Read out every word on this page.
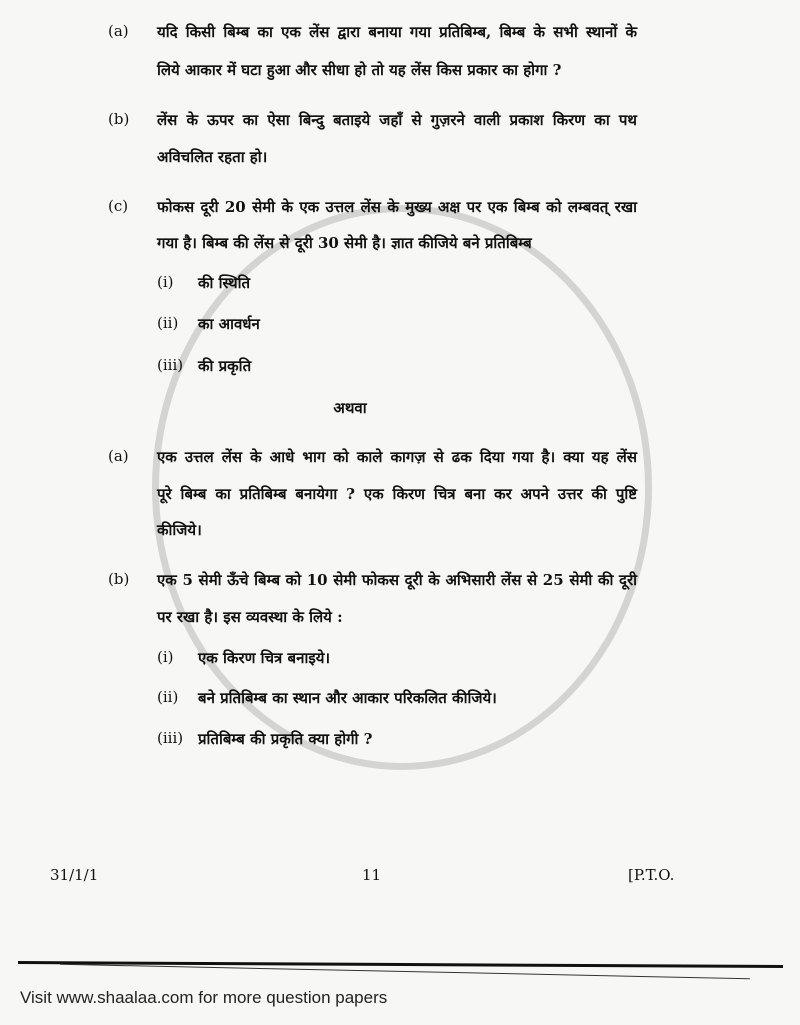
(a) यदि किसी बिम्ब का एक लेंस द्वारा बनाया गया प्रतिबिम्ब, बिम्ब के सभी स्थानों के
लिये आकार में घटा हुआ और सीधा हो तो यह लेंस किस प्रकार का होगा ?
(b) लेंस के ऊपर का ऐसा बिन्दु बताइये जहाँ से गुज़रने वाली प्रकाश किरण का पथ
अविचलित रहता हो।
(c) फोकस दूरी 20 सेमी के एक उत्तल लेंस के मुख्य अक्ष पर एक बिम्ब को लम्बवत् रखा
गया है। बिम्ब की लेंस से दूरी 30 सेमी है। ज्ञात कीजिये बने प्रतिबिम्ब
(i) की स्थिति
(ii) का आवर्धन
(iii) की प्रकृति
अथवा
(a) एक उत्तल लेंस के आधे भाग को काले कागज़ से ढक दिया गया है। क्या यह लेंस
पूरे बिम्ब का प्रतिबिम्ब बनायेगा ? एक किरण चित्र बना कर अपने उत्तर की पुष्टि
कीजिये।
(b) एक 5 सेमी ऊँचे बिम्ब को 10 सेमी फोकस दूरी के अभिसारी लेंस से 25 सेमी की दूरी
पर रखा है। इस व्यवस्था के लिये :
(i) एक किरण चित्र बनाइये।
(ii) बने प्रतिबिम्ब का स्थान और आकार परिकलित कीजिये।
(iii) प्रतिबिम्ब की प्रकृति क्या होगी ?
31/1/1	11	[P.T.O.
Visit www.shaalaa.com for more question papers
